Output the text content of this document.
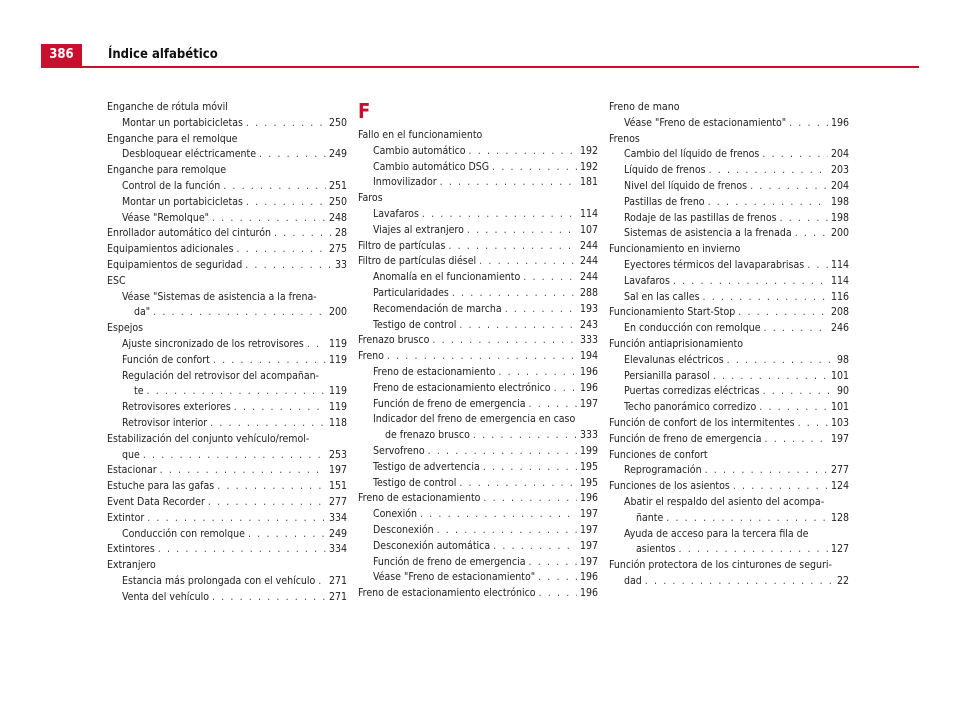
386	Índice alfabético
Enganche de rótula móvil
Montar un portabicicletas . . .	250
Enganche para el remolque
Desbloquear eléctricamente . . .	249
Enganche para remolque
Control de la función . . .	251
Montar un portabicicletas . . .	250
Véase "Remolque" . . .	248
Enrollador automático del cinturón . . .	28
Equipamientos adicionales . . .	275
Equipamientos de seguridad . . .	33
ESC
Véase "Sistemas de asistencia a la frena-
da" . . .	200
Espejos
Ajuste sincronizado de los retrovisores . . . 119
Función de confort . . .	119
Regulación del retrovisor del acompañan-
te . . .	119
Retrovisores exteriores . . .	119
Retrovisor interior . . .	118
Estabilización del conjunto vehículo/remol-
que . . .	253
Estacionar . . .	197
Estuche para las gafas . . .	151
Event Data Recorder . . .	277
Extintor . . .	334
Conducción con remolque . . .	249
Extintores . . .	334
Extranjero
Estancia más prolongada con el vehículo . . . 271
Venta del vehículo . . .	271
F
Fallo en el funcionamiento
Cambio automático . . .	192
Cambio automático DSG . . .	192
Inmovilizador . . .	181
Faros
Lavafaros . . .	114
Viajes al extranjero . . .	107
Filtro de partículas . . .	244
Filtro de partículas diésel . . .	244
Anomalía en el funcionamiento . . .	244
Particularidades . . .	288
Recomendación de marcha . . .	193
Testigo de control . . .	243
Frenazo brusco . . .	333
Freno . . .	194
Freno de estacionamiento . . .	196
Freno de estacionamiento electrónico . . .	196
Función de freno de emergencia . . .	197
Indicador del freno de emergencia en caso
de frenazo brusco . . .	333
Servofreno . . .	199
Testigo de advertencia . . .	195
Testigo de control . . .	195
Freno de estacionamiento . . .	196
Conexión . . .	197
Desconexión . . .	197
Desconexión automática . . .	197
Función de freno de emergencia . . .	197
Véase "Freno de estacionamiento" . . .	196
Freno de estacionamiento electrónico . . .	196
Freno de mano
Véase "Freno de estacionamiento" . . .	196
Frenos
Cambio del líquido de frenos . . .	204
Líquido de frenos . . .	203
Nivel del líquido de frenos . . .	204
Pastillas de freno . . .	198
Rodaje de las pastillas de frenos . . .	198
Sistemas de asistencia a la frenada . . .	200
Funcionamiento en invierno
Eyectores térmicos del lavaparabrisas . . .	114
Lavafaros . . .	114
Sal en las calles . . .	116
Funcionamiento Start-Stop . . .	208
En conducción con remolque . . .	246
Función antiaprisionamiento
Elevalunas eléctricos . . .	98
Persianilla parasol . . .	101
Puertas corredizas eléctricas . . .	90
Techo panorámico corredizo . . .	101
Función de confort de los intermitentes . . .	103
Función de freno de emergencia . . .	197
Funciones de confort
Reprogramación . . .	277
Funciones de los asientos . . .	124
Abatir el respaldo del asiento del acompa-
ñante . . .	128
Ayuda de acceso para la tercera fila de
asientos . . .	127
Función protectora de los cinturones de seguri-
dad . . .	22
